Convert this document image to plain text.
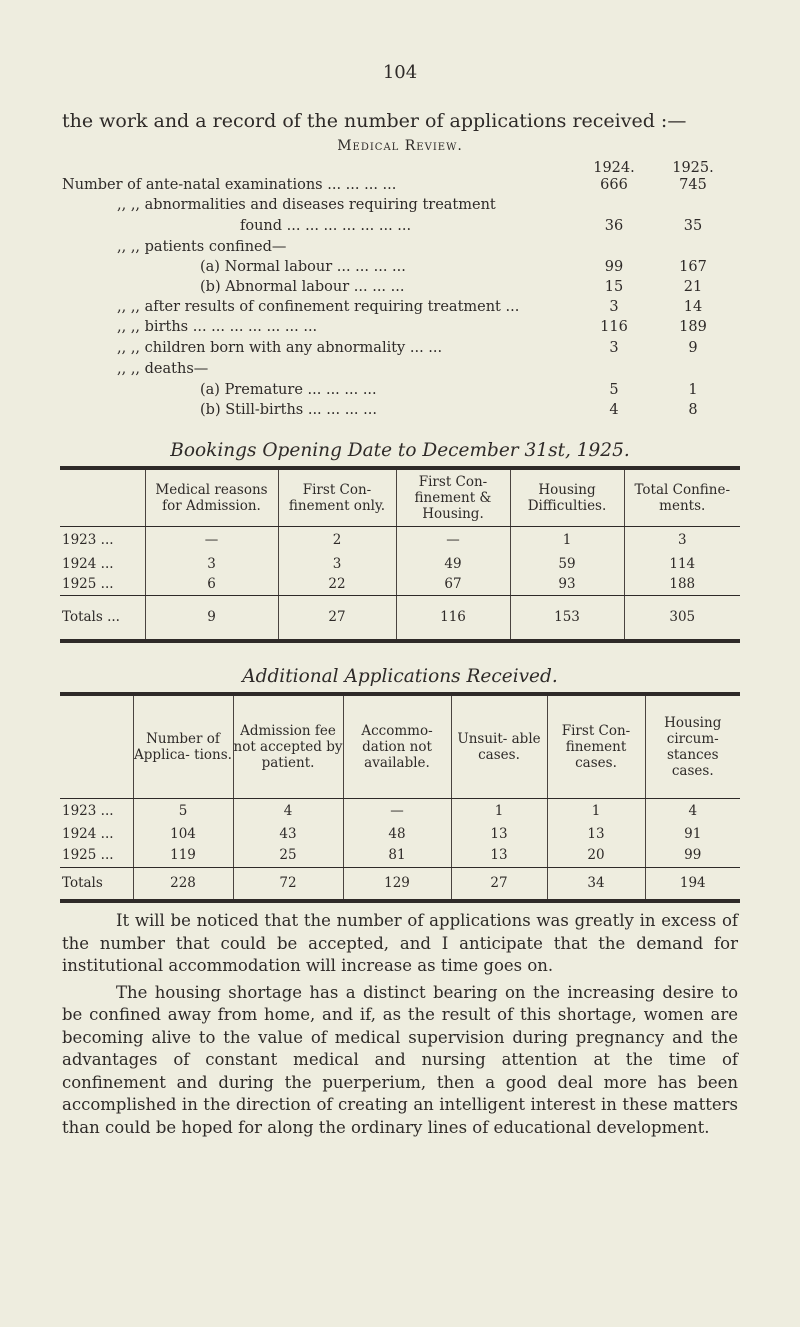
104
the work and a record of the number of applications received :—
Medical Review.
1924.	1925.
Number of ante-natal examinations ... ... ... ...	666	745
,, ,, abnormalities and diseases requiring treatment
found ... ... ... ... ... ... ...	36	35
,, ,, patients confined—
(a) Normal labour ... ... ... ...	99	167
(b) Abnormal labour ... ... ...	15	21
,, ,, after results of confinement requiring treatment ...	3	14
,, ,, births ... ... ... ... ... ... ...	116	189
,, ,, children born with any abnormality ... ...	3	9
,, ,, deaths—
(a) Premature ... ... ... ...	5	1
(b) Still-births ... ... ... ...	4	8
Bookings Opening Date to December 31st, 1925.
	Medical reasons for Admission.	First Con- finement only.	First Con- finement & Housing.	Housing Difficulties.	Total Confine- ments.
1923 ...	—	2	—	1	3
1924 ...	3	3	49	59	114
1925 ...	6	22	67	93	188
Totals ...	9	27	116	153	305
Additional Applications Received.
	Number of Applica- tions.	Admission fee not accepted by patient.	Accommo- dation not available.	Unsuit- able cases.	First Con- finement cases.	Housing circum- stances cases.
1923 ...	5	4	—	1	1	4
1924 ...	104	43	48	13	13	91
1925 ...	119	25	81	13	20	99
Totals	228	72	129	27	34	194

It will be noticed that the number of applications was greatly in excess of the number that could be accepted, and I anticipate that the demand for institutional accommodation will increase as time goes on.

The housing shortage has a distinct bearing on the increasing desire to be confined away from home, and if, as the result of this shortage, women are becoming alive to the value of medical supervision during pregnancy and the advantages of constant medical and nursing attention at the time of confinement and during the puerperium, then a good deal more has been accomplished in the direction of creating an intelligent interest in these matters than could be hoped for along the ordinary lines of educational development.
